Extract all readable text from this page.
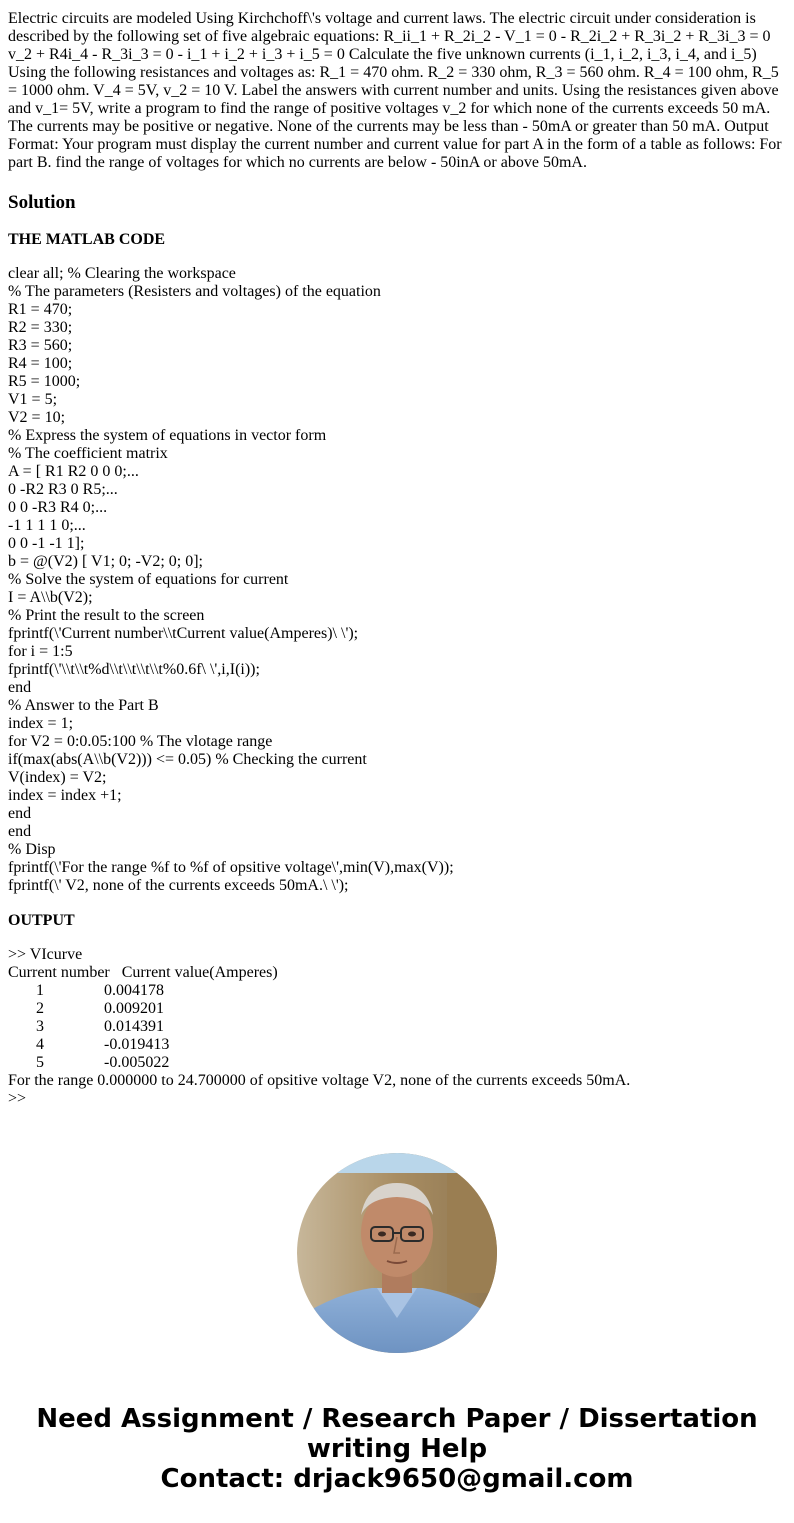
Electric circuits are modeled Using Kirchchoff\'s voltage and current laws. The electric circuit under consideration is described by the following set of five algebraic equations: R_ii_1 + R_2i_2 - V_1 = 0 - R_2i_2 + R_3i_2 + R_3i_3 = 0 v_2 + R4i_4 - R_3i_3 = 0 - i_1 + i_2 + i_3 + i_5 = 0 Calculate the five unknown currents (i_1, i_2, i_3, i_4, and i_5) Using the following resistances and voltages as: R_1 = 470 ohm. R_2 = 330 ohm, R_3 = 560 ohm. R_4 = 100 ohm, R_5 = 1000 ohm. V_4 = 5V, v_2 = 10 V. Label the answers with current number and units. Using the resistances given above and v_1= 5V, write a program to find the range of positive voltages v_2 for which none of the currents exceeds 50 mA. The currents may be positive or negative. None of the currents may be less than - 50mA or greater than 50 mA. Output Format: Your program must display the current number and current value for part A in the form of a table as follows: For part B. find the range of voltages for which no currents are below - 50inA or above 50mA.

Solution
THE MATLAB CODE
clear all; % Clearing the workspace
% The parameters (Resisters and voltages) of the equation
R1 = 470;
R2 = 330;
R3 = 560;
R4 = 100;
R5 = 1000;
V1 = 5;
V2 = 10;
% Express the system of equations in vector form
% The coefficient matrix
A = [ R1 R2 0 0 0;...
0 -R2 R3 0 R5;...
0 0 -R3 R4 0;...
-1 1 1 1 0;...
0 0 -1 -1 1];
b = @(V2) [ V1; 0; -V2; 0; 0];
% Solve the system of equations for current
I = A\\b(V2);
% Print the result to the screen
fprintf(\'Current number\\tCurrent value(Amperes)\ \');
for i = 1:5
fprintf(\'\\t\\t%d\\t\\t\\t\\t%0.6f\ \',i,I(i));
end
% Answer to the Part B
index = 1;
for V2 = 0:0.05:100 % The vlotage range
if(max(abs(A\\b(V2))) <= 0.05) % Checking the current
V(index) = V2;
index = index +1;
end
end
% Disp
fprintf(\'For the range %f to %f of opsitive voltage\',min(V),max(V));
fprintf(\' V2, none of the currents exceeds 50mA.\ \');
OUTPUT
>> VIcurve
Current number   Current value(Amperes)
1	0.004178
2	0.009201
3	0.014391
4	-0.019413
5	-0.005022
For the range 0.000000 to 24.700000 of opsitive voltage V2, none of the currents exceeds 50mA.
>>
Need Assignment / Research Paper / Dissertation
writing Help
Contact: drjack9650@gmail.com
